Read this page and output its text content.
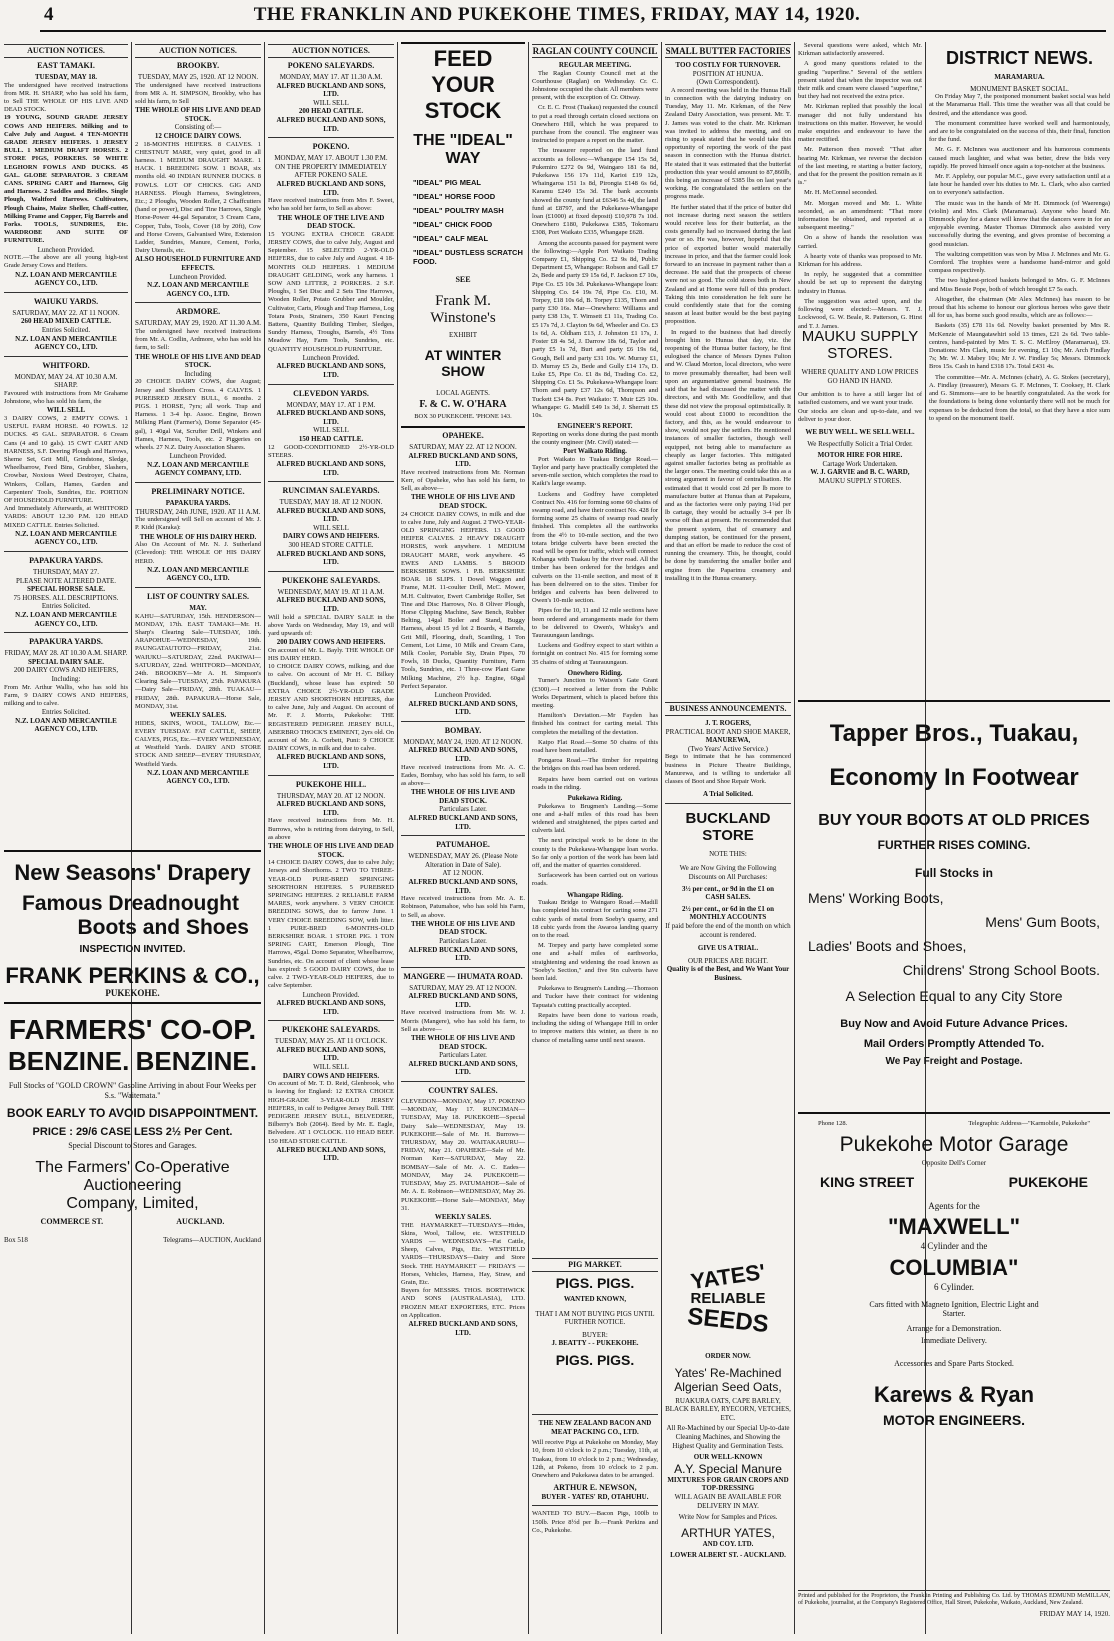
4	THE FRANKLIN AND PUKEKOHE TIMES, FRIDAY, MAY 14, 1920.
AUCTION NOTICES.
EAST TAMAKI.
TUESDAY, MAY 18.
The undersigned have received instructions from MR. H. SHARP, who has sold his farm, to Sell THE WHOLE OF HIS LIVE AND DEAD STOCK.
19 YOUNG, SOUND GRADE JERSEY COWS AND HEIFERS. Milking and to Calve July and August. 4 TEN-MONTH GRADE JERSEY HEIFERS. 1 JERSEY BULL. 1 MEDIUM DRAFT HORSES. 2 STORE PIGS, PORKERS. 50 WHITE LEGHORN FOWLS AND DUCKS. 45 GAL. GLOBE SEPARATOR. 3 CREAM CANS. SPRING CART and Harness, Gig and Harness. 2 Saddles and Bridles. Single Plough, Waltford Harrows. Cultivators, Plough Chains, Maize Sheller, Chaff-cutter, Milking Frame and Copper, Fig Barrels and Forks. TOOLS, SUNDRIES, Etc. WARDROBE AND SUITE OF FURNITURE.
Luncheon Provided.
NOTE.—The above are all young high-test Grade Jersey Cows and Heifers.
N.Z. LOAN AND MERCANTILE AGENCY CO., LTD.
WAIUKU YARDS.
SATURDAY, MAY 22. AT 11 NOON.
260 HEAD MIXED CATTLE.
Entries Solicited.
N.Z. LOAN AND MERCANTILE AGENCY CO., LTD.
WHITFORD.
MONDAY, MAY 24. AT 10.30 A.M. SHARP.
Favoured with instructions from Mr Grahame Johnstone, who has sold his farm, the
WILL SELL
3 DAIRY COWS, 2 EMPTY COWS. 1 USEFUL FARM HORSE. 40 FOWLS. 12 DUCKS. 45 GAL. SEPARATOR. 6 Cream Cans (4 and 10 gals). 15 CWT CART AND HARNESS, S.F. Deering Plough and Harrows, Sherne Set, Grit Mill, Grindstone, Sledge, Wheelbarrow, Feed Bins, Grubber, Slashers, Crowbar, Noxious Weed Destroyer, Chains, Winkers, Collars, Hames, Garden and Carpenters' Tools, Sundries, Etc. PORTION OF HOUSEHOLD FURNITURE.
And Immediately Afterwards, at WHITFORD YARDS: ABOUT 12.30 P.M. 120 HEAD MIXED CATTLE. Entries Solicited.
N.Z. LOAN AND MERCANTILE AGENCY CO., LTD.
PAPAKURA YARDS.
THURSDAY, MAY 27.
PLEASE NOTE ALTERED DATE.
SPECIAL HORSE SALE.
75 HORSES. ALL DESCRIPTIONS.
Entries Solicited.
N.Z. LOAN AND MERCANTILE AGENCY CO., LTD.
PAPAKURA YARDS.
FRIDAY, MAY 28. AT 10.30 A.M. SHARP.
SPECIAL DAIRY SALE.
200 DAIRY COWS AND HEIFERS, Including:
From Mr. Arthur Wallis, who has sold his Farm, 9 DAIRY COWS AND HEIFERS, milking and to calve.
Entries Solicited.
N.Z. LOAN AND MERCANTILE AGENCY CO., LTD.
AUCTION NOTICES.
BROOKBY.
TUESDAY, MAY 25, 1920. AT 12 NOON.
The undersigned have received instructions from MR A. H. SIMPSON, Brookby, who has sold his farm, to Sell
THE WHOLE OF HIS LIVE AND DEAD STOCK.
Consisting of:—
12 CHOICE DAIRY COWS.
2 18-MONTHS HEIFERS. 8 CALVES. 1 CHESTNUT MARE, very quiet, good in all harness. 1 MEDIUM DRAUGHT MARE. 1 HACK. 1 BREEDING SOW. 1 BOAR, six months old. 40 INDIAN RUNNER DUCKS. 8 FOWLS. LOT OF CHICKS. GIG AND HARNESS. Plough Harness, Swingletrees, Etc.; 2 Ploughs, Wooden Roller, 2 Chaffcutters (hand or power), Disc and Tine Harrows, Single Horse-Power 44-gal Separator, 3 Cream Cans, Copper, Tubs, Tools, Cover (18 by 20ft), Cow and Horse Covers, Galvanised Wire, Extension Ladder, Sundries, Manure, Cement, Forks, Dairy Utensils, etc.
ALSO HOUSEHOLD FURNITURE AND EFFECTS.
Luncheon Provided.
N.Z. LOAN AND MERCANTILE AGENCY CO., LTD.
ARDMORE.
SATURDAY, MAY 29, 1920. AT 11.30 A.M.
The undersigned have received instructions from Mr. A. Codlin, Ardmore, who has sold his farm, to Sell:
THE WHOLE OF HIS LIVE AND DEAD STOCK.
Including
20 CHOICE DAIRY COWS, due August; Jersey and Shorthorn Cross. 4 CALVES. 1 PUREBRED JERSEY BULL, 6 months. 2 PIGS. 1 HORSE, 7yrs; all work. Trap and Harness. 1 3-4 hp. Assoc. Engine, Brown Milking Plant (Farmer's), Dome Separator (45-gal), 1 40gal Vat, Scrufter Drill, Winkers and Hames, Harness, Tools, etc. 2 Piggeries on wheels. 27 N.Z. Dairy Association Shares.
Luncheon Provided.
N.Z. LOAN AND MERCANTILE AGENCY COMPANY, LTD.
PRELIMINARY NOTICE.
PAPAKURA YARDS.
THURSDAY, 24th JUNE, 1920. AT 11 A.M.
The undersigned will Sell on account of Mr. J. P. Kidd (Karaka):
THE WHOLE OF HIS DAIRY HERD.
Also On Account of Mr. N. J. Sutherland (Clevedon): THE WHOLE OF HIS DAIRY HERD.
N.Z. LOAN AND MERCANTILE AGENCY CO., LTD.
LIST OF COUNTRY SALES.
MAY.
KAHU—SATURDAY, 15th. HENDERSON—MONDAY, 17th. EAST TAMAKI—Mr. H. Sharp's Clearing Sale—TUESDAY, 18th. ARAPOHUE—WEDNESDAY, 19th. PAUNGATAUTOTO—FRIDAY, 21st. WAIUKU—SATURDAY, 22nd. PAKIWAI—SATURDAY, 22nd. WHITFORD—MONDAY, 24th. BROOKBY—Mr A. H. Simpson's Clearing Sale—TUESDAY, 25th. PAPAKURA—Dairy Sale—FRIDAY, 28th. TUAKAU—FRIDAY, 28th. PAPAKURA—Horse Sale, MONDAY, 31st.
WEEKLY SALES.
HIDES, SKINS, WOOL, TALLOW, Etc.—EVERY TUESDAY. FAT CATTLE, SHEEP, CALVES, PIGS, Etc.—EVERY WEDNESDAY, at Westfield Yards. DAIRY AND STORE STOCK AND SHEEP—EVERY THURSDAY, Westfield Yards.
N.Z. LOAN AND MERCANTILE AGENCY CO., LTD.
New Seasons' Drapery
Famous Dreadnought
Boots and Shoes
INSPECTION INVITED.
FRANK PERKINS & CO.,
PUKEKOHE.
FARMERS' CO-OP.
BENZINE. BENZINE.
Full Stocks of "GOLD CROWN" Gasoline Arriving in about Four Weeks per S.s. "Waitemata."
BOOK EARLY TO AVOID DISAPPOINTMENT.
PRICE : 29/6 CASE LESS 2½ Per Cent.
Special Discount to Stores and Garages.
The Farmers' Co-Operative Auctioneering
Company, Limited,
COMMERCE ST.	AUCKLAND.
Box 518	Telegrams—AUCTION, Auckland
AUCTION NOTICES.
POKENO SALEYARDS.
MONDAY, MAY 17. AT 11.30 A.M.
ALFRED BUCKLAND AND SONS, LTD.
WILL SELL
200 HEAD CATTLE.
ALFRED BUCKLAND AND SONS, LTD.
POKENO.
MONDAY, MAY 17. ABOUT 1.30 P.M.
ON THE PROPERTY IMMEDIATELY AFTER POKENO SALE.
ALFRED BUCKLAND AND SONS, LTD.
Have received instructions from Mrs F. Sweet, who has sold her farm, to Sell as above:
THE WHOLE OF THE LIVE AND DEAD STOCK.
15 YOUNG EXTRA CHOICE GRADE JERSEY COWS, due to calve July, August and September. 15 SELECTED 2-YR-OLD HEIFERS, due to calve July and August. 4 18-MONTHS OLD HEIFERS. 1 MEDIUM DRAUGHT GELDING, work any harness. 1 SOW AND LITTER, 2 PORKERS. 2 S.F. Ploughs, 1 Set Disc and 2 Sets Tine Harrows, Wooden Roller, Potato Grubber and Moulder, Cultivator, Carts, Plough and Trap Harness, Log Totara Posts, Strainers, 350 Kauri Fencing Battens, Quantity Building Timber, Sledges, Sundry Harness, Troughs, Barrels, 4½ Tons Meadow Hay, Farm Tools, Sundries, etc. QUANTITY HOUSEHOLD FURNITURE.
Luncheon Provided.
ALFRED BUCKLAND AND SONS, LTD.
CLEVEDON YARDS.
MONDAY, MAY 17. AT 1 P.M.
ALFRED BUCKLAND AND SONS, LTD.
WILL SELL
150 HEAD CATTLE.
12 GOOD-CONDITIONED 2½-YR-OLD STEERS.
ALFRED BUCKLAND AND SONS, LTD.
RUNCIMAN SALEYARDS.
TUESDAY, MAY 18. AT 12 NOON.
ALFRED BUCKLAND AND SONS, LTD.
WILL SELL
DAIRY COWS AND HEIFERS.
300 HEAD STORE CATTLE.
ALFRED BUCKLAND AND SONS, LTD.
PUKEKOHE SALEYARDS.
WEDNESDAY, MAY 19. AT 11 A.M.
ALFRED BUCKLAND AND SONS, LTD.
Will hold a SPECIAL DAIRY SALE in the above Yards on Wednesday, May 19, and will yard upwards of:
200 DAIRY COWS AND HEIFERS.
On account of Mr. L. Bayly. THE WHOLE OF HIS DAIRY HERD.
10 CHOICE DAIRY COWS, milking, and due to calve. On account of Mr H. C. Bilkey (Buckland), whose lease has expired: 50 EXTRA CHOICE 2½-YR-OLD GRADE JERSEY AND SHORTHORN HEIFERS, due to calve June, July and August. On account of Mr. F. J. Morris, Pukekohe: THE REGISTERED PEDIGREE JERSEY BULL, ABERBRO THOCK'S EMINENT, 2yrs old. On account of Mr. A. Corbett, Puni: 9 CHOICE DAIRY COWS, in milk and due to calve.
ALFRED BUCKLAND AND SONS, LTD.
PUKEKOHE HILL.
THURSDAY, MAY 20. AT 12 NOON.
ALFRED BUCKLAND AND SONS, LTD.
Have received instructions from Mr. H. Burrows, who is retiring from dairying, to Sell, as above
THE WHOLE OF HIS LIVE AND DEAD STOCK.
14 CHOICE DAIRY COWS, due to calve July; Jerseys and Shorthorns. 2 TWO TO THREE-YEAR-OLD PURE-BRED SPRINGING SHORTHORN HEIFERS. 5 PUREBRED SPRINGING HEIFERS. 2 RELIABLE FARM MARES, work anywhere. 3 VERY CHOICE BREEDING SOWS, due to farrow June. 1 VERY CHOICE BREEDING SOW, with litter. 1 PURE-BRED 6-MONTHS-OLD BERKSHIRE BOAR. 1 STORE PIG. 1 TON SPRING CART, Emerson Plough, Tine Harrows, 45gal. Domo Separator, Wheelbarrow, Sundries, etc. On account of client whose lease has expired: 5 GOOD DAIRY COWS, due to calve. 2 TWO-YEAR-OLD HEIFERS, due to calve September.
Luncheon Provided.
ALFRED BUCKLAND AND SONS, LTD.
PUKEKOHE SALEYARDS.
TUESDAY, MAY 25. AT 11 O'CLOCK.
ALFRED BUCKLAND AND SONS, LTD.
WILL SELL
DAIRY COWS AND HEIFERS.
On account of Mr. T. D. Reid, Glenbrook, who is leaving for England: 12 EXTRA CHOICE HIGH-GRADE 3-YEAR-OLD JERSEY HEIFERS, in calf to Pedigree Jersey Bull. THE PEDIGREE JERSEY BULL, BELVEDERE, Bilberry's Bob (2064). Bred by Mr. E. Eagle, Belvedere. AT 1 O'CLOCK. 110 HEAD BEEF. 150 HEAD STORE CATTLE.
ALFRED BUCKLAND AND SONS, LTD.
FEED YOUR
STOCK
THE "IDEAL" WAY
"IDEAL" PIG MEAL
"IDEAL" HORSE FOOD
"IDEAL" POULTRY MASH
"IDEAL" CHICK FOOD
"IDEAL" CALF MEAL
"IDEAL" DUSTLESS SCRATCH FOOD.
SEE
Frank M. Winstone's
EXHIBIT
AT WINTER SHOW
LOCAL AGENTS.
F. & C. W. O'HARA
BOX 30 PUKEKOHE. 'PHONE 143.
OPAHEKE.
SATURDAY, MAY 22. AT 12 NOON.
ALFRED BUCKLAND AND SONS, LTD.
Have received instructions from Mr. Norman Kerr, of Opaheke, who has sold his farm, to Sell, as above—
THE WHOLE OF HIS LIVE AND DEAD STOCK.
24 CHOICE DAIRY COWS, in milk and due to calve June, July and August. 2 TWO-YEAR-OLD SPRINGING HEIFERS. 13 GOOD HEIFER CALVES. 2 HEAVY DRAUGHT HORSES, work anywhere. 1 MEDIUM DRAUGHT MARE, work anywhere. 45 EWES AND LAMBS. 5 BROOD BERKSHIRE SOWS. 1 P.B. BERKSHIRE BOAR. 18 SLIPS. 1 Dowel Waggon and Frame, M.H. 11-coulter Drill, McC. Mower, M.H. Cultivator, Ewert Cambridge Roller, Set Tine and Disc Harrows, No. 8 Oliver Plough, Horse Clipping Machine, Saw Bench, Rubber Belting, 14gal Boiler and Stand, Buggy Harness, about 15 yd lot 2 Boards, 4 Barrels, Grit Mill, Flooring, draft, Scantling, 1 Ton Cement, Lot Lime, 10 Milk and Cream Cans, Milk Cooler, Portable Sty, Drain Pipes, 70 Fowls, 18 Ducks, Quantity Furniture, Farm Tools, Sundries, etc. 1 Three-cow Plant Gane Milking Machine, 2½ h.p. Engine, 60gal Perfect Separator.
Luncheon Provided.
ALFRED BUCKLAND AND SONS, LTD.
BOMBAY.
MONDAY, MAY 24, 1920. AT 12 NOON.
ALFRED BUCKLAND AND SONS, LTD.
Have received instructions from Mr. A. C. Eades, Bombay, who has sold his farm, to sell as above—
THE WHOLE OF HIS LIVE AND DEAD STOCK.
Particulars Later.
ALFRED BUCKLAND AND SONS, LTD.
PATUMAHOE.
WEDNESDAY, MAY 26. (Please Note Alteration in Date of Sale).
AT 12 NOON.
ALFRED BUCKLAND AND SONS, LTD.
Have received instructions from Mr. A. E. Robinson, Patumahoe, who has sold his Farm, to Sell, as above.
THE WHOLE OF HIS LIVE AND DEAD STOCK.
Particulars Later.
ALFRED BUCKLAND AND SONS, LTD.
MANGERE — IHUMATA ROAD.
SATURDAY, MAY 29. AT 12 NOON.
ALFRED BUCKLAND AND SONS, LTD.
Have received instructions from Mr. W. J. Morris (Mangere), who has sold his farm, to Sell as above—
THE WHOLE OF HIS LIVE AND DEAD STOCK.
Particulars Later.
ALFRED BUCKLAND AND SONS, LTD.
COUNTRY SALES.
CLEVEDON—MONDAY, May 17. POKENO—MONDAY, May 17. RUNCIMAN—TUESDAY, May 18. PUKEKOHE—Special Dairy Sale—WEDNESDAY, May 19. PUKEKOHE—Sale of Mr. H. Burrows—THURSDAY, May 20. WAITAKARURU—FRIDAY, May 21. OPAHEKE—Sale of Mr. Norman Kerr—SATURDAY, May 22. BOMBAY—Sale of Mr. A. C. Eades—MONDAY, May 24. PUKEKOHE—TUESDAY, May 25. PATUMAHOE—Sale of Mr. A. E. Robinson—WEDNESDAY, May 26. PUKEKOHE—Horse Sale—MONDAY, May 31.
WEEKLY SALES.
THE HAYMARKET—TUESDAYS—Hides, Skins, Wool, Tallow, etc. WESTFIELD YARDS — WEDNESDAYS—Fat Cattle, Sheep, Calves, Pigs, Etc. WESTFIELD YARDS—THURSDAYS—Dairy and Store Stock. THE HAYMARKET — FRIDAYS — Horses, Vehicles, Harness, Hay, Straw, and Grain, Etc.
Buyers for MESSRS. THOS. BORTHWICK AND SONS (AUSTRALASIA), LTD. FROZEN MEAT EXPORTERS, ETC. Prices on Application.
ALFRED BUCKLAND AND SONS, LTD.
RAGLAN COUNTY COUNCIL
REGULAR MEETING.

The Raglan County Council met at the Courthouse (Raglan) on Wednesday. Cr. C. Johnstone occupied the chair. All members were present, with the exception of Cr. Ottway.

Cr. E. C. Frost (Tuakau) requested the council to put a road through certain closed sections on Onewhero Hill, which he was prepared to purchase from the council. The engineer was instructed to prepare a report on the matter.

The treasurer reported on the land fund accounts as follows:—Whangape 154 15s 5d, Pukemiro £272 0s 9d, Waingaro 181 6s 8d, Pukekawa 156 17s 11d, Karioi £19 12s, Whaingaroa 151 1s 8d, Pirongia £148 6s 6d, Karamu £249 15s 3d. The bank accounts showed the county fund at £6346 5s 4d, the land fund at £8797, and the Pukekawa-Whangape loan (£1000) at fixed deposit) £10,978 7s 10d. Onewhero £180, Pukekawa £385, Tokomaru £308, Port Waikato £335, Whangape £628.

Among the accounts passed for payment were the following:—Apple Port Waikato Trading Company £1, Shipping Co. £2 9s 8d, Public Department £5, Whangape: Robson and Gall £7 2s, Bede and party £9 15s 6d, F. Jackson £7 10s, Pipe Co. £5 10s 3d. Pukekawa-Whangape loan: Shipping Co. £4 19s 7d, Pipe Co. £10, M. Torpey, £18 10s 6d, B. Torpey £135, Thorn and party £30 16s. Mar—Onewhero: Williams and party £38 13s, T. Wimsett £1 11s, Trading Co. £5 17s 7d, J. Clayton 9s 6d, Wheeler and Co. £3 1s 6d, A. Oldham £13, J. Johnston £1 17s, J. Foster £8 4s 5d, J. Darrow 18s 6d, Taylor and party £5 1s 7d, Burt and party £6 19s 6d, Gough, Bell and party £31 10s. W. Murray £1, D. Murray £5 2s, Bede and Gully £14 17s, D. Luke £5, Pipe Co. £1 8s 8d, Trading Co. £2, Shipping Co. £1 5s. Pukekawa-Whangape loan: Thorn and party £37 12s 6d, Thompson and Tuckett £34 8s. Port Waikato: T. Muir £25 10s. Whangape: G. Madill £49 1s 3d, J. Sherratt £5 10s.

ENGINEER'S REPORT.
Reporting on works done during the past month the county engineer (Mr. Civil) stated:—
Port Waikato Riding.

Port Waikato to Tuakau Bridge Road.—Taylor and party have practically completed the seven-mile section, which completes the road to Kaiki's large swamp.

Luckens and Godfrey have completed Contract No. 416 for forming some 60 chains of swamp road, and have their contract No. 428 for forming some 25 chains of swamp road nearly finished. This completes all the earthworks from the 4½ to 10-mile section, and the two totara bridge culverts have been erected the road will be open for traffic, which will connect Kohanga with Tuakau by the river road. All the timber has been ordered for the bridges and culverts on the 11-mile section, and most of it has been delivered on to the sites. Timber for bridges and culverts has been delivered to Owen's 10-mile section.

Pipes for the 10, 11 and 12 mile sections have been ordered and arrangements made for them to be delivered to Owen's, Whisky's and Taurauungaun landings.

Luckens and Godfrey expect to start within a fortnight on contract No. 415 for forming some 35 chains of siding at Taurauungaun.

Onewhero Riding.

Turner's Junction to Watson's Gate Grant (£300).—I received a letter from the Public Works Department, which is placed before this meeting.

Hamilton's Deviation.—Mr Fayden has finished his contract for carting metal. This completes the metalling of the deviation.

Kaipo Flat Road.—Some 50 chains of this road have been metalled.

Pongaroa Road.—The timber for repairing the bridges on this road has been ordered.

Repairs have been carried out on various roads in the riding.

Pukekawa Riding.

Pukekawa to Brugmen's Landing.—Some one and a-half miles of this road has been widened and straightened, the pipes carted and culverts laid.

The next principal work to be done in the county is the Pukekawa-Whangape loan works. So far only a portion of the work has been laid off, and the matter of quarries considered.

Surfacework has been carried out on various roads.

Whangape Riding.

Tuakau Bridge to Waingaro Road.—Madill has completed his contract for carting some 271 cubic yards of metal from Soeby's quarry, and 18 cubic yards from the Awaroa landing quarry on to the road.

M. Torpey and party have completed some one and a-half miles of earthworks, straightening and widening the road known as "Soeby's Section," and five 9in culverts have been laid.

Pukekawa to Brugmen's Landing.—Thomson and Tucker have their contract for widening Tapuata's cutting practically accepted.

Repairs have been done to various roads, including the siding of Whangape Hill in order to improve matters this winter, as there is no chance of metalling same until next season.

PIG MARKET.
PIGS. PIGS.
WANTED KNOWN,
THAT I AM NOT BUYING PIGS UNTIL FURTHER NOTICE.
BUYER:
J. BEATTY - - PUKEKOHE.
PIGS. PIGS.
THE NEW ZEALAND BACON AND MEAT PACKING CO., LTD.
Will receive Pigs at Pukekohe on Monday, May 10, from 10 o'clock to 2 p.m.; Tuesday, 11th, at Tuakau, from 10 o'clock to 2 p.m.; Wednesday, 12th, at Pokeno, from 10 o'clock to 2 p.m. Onewhero and Pukekawa dates to be arranged.
ARTHUR E. NEWSON,
BUYER - YATES' RD, OTAHUHU.
WANTED TO BUY.—Bacon Pigs, 100lb to 150lb. Price 8½d per lb.—Frank Perkins and Co., Pukekohe.
SMALL BUTTER FACTORIES
TOO COSTLY FOR TURNOVER.
POSITION AT HUNUA.
(Own Correspondent).

A record meeting was held in the Hunua Hall in connection with the dairying industry on Tuesday, May 11. Mr. Kirkman, of the New Zealand Dairy Association, was present. Mr. T. J. James was voted to the chair. Mr. Kirkman was invited to address the meeting, and on rising to speak stated that he would take this opportunity of reporting the work of the past season in connection with the Hunua district. He stated that it was estimated that the butterfat production this year would amount to 87,860lb, this being an increase of 5385 lbs on last year's working. He congratulated the settlers on the progress made.

He further stated that if the price of butter did not increase during next season the settlers would receive less for their butterfat, as the costs generally had so increased during the last year or so. He was, however, hopeful that the price of exported butter would materially increase in price, and that the farmer could look forward to an increase in payment rather than a decrease. He said that the prospects of cheese were not so good. The cold stores both in New Zealand and at Home were full of this product. Taking this into consideration he felt sure he could confidently state that for the coming season at least butter would be the best paying proposition.

In regard to the business that had directly brought him to Hunua that day, viz. the reopening of the Hunua butter factory, he first eulogised the chance of Messrs Dynes Fulton and W. Claud Morton, local directors, who were to move presumably thereafter, had been well upon an argumentative general business. He said that he had discussed the matter with the directors, and with Mr. Goodfellow, and that these did not view the proposal optimistically. It would cost about £1000 to recondition the factory, and this, as he would endeavour to show, would not pay the settlers. He mentioned instances of smaller factories, though well equipped, not being able to manufacture as cheaply as larger factories. This mitigated against smaller factories being as profitable as the larger ones. The meeting could take this as a strong argument in favour of centralisation. He estimated that it would cost 2d per lb more to manufacture butter at Hunua than at Papakura, and as the factories were only paying 1¼d per lb cartage, they would be actually 3-4 per lb worse off than at present. He recommended that the present system, that of creamery and dumping station, be continued for the present, and that an effort be made to reduce the cost of running the creamery. This, he thought, could be done by transferring the smaller boiler and engine from the Paparimu creamery and installing it in the Hunua creamery.

Several questions were asked, which Mr. Kirkman satisfactorily answered.

A good many questions related to the grading "superfine." Several of the settlers present stated that when the inspector was out their milk and cream were classed "superfine," but they had not received the extra price.

Mr. Kirkman replied that possibly the local manager did not fully understand his instructions on this matter. However, he would make enquiries and endeavour to have the matter rectified.

Mr. Patterson then moved: "That after hearing Mr. Kirkman, we reverse the decision of the last meeting, re starting a butter factory, and that for the present the position remain as it is."

Mr. H. McConnel seconded.

Mr. Morgan moved and Mr. L. White seconded, as an amendment: "That more information be obtained, and reported at a subsequent meeting."

On a show of hands the resolution was carried.

A hearty vote of thanks was proposed to Mr. Kirkman for his address.

In reply, he suggested that a committee should be set up to represent the dairying industry in Hunua.

The suggestion was acted upon, and the following were elected:—Messrs. T. J. Lockwood, G. W. Beale, R. Patterson, G. Hirst and T. J. James.

DISTRICT NEWS.
MARAMARUA.
MONUMENT BASKET SOCIAL.

On Friday May 7, the postponed monument basket social was held at the Maramarua Hall. This time the weather was all that could be desired, and the attendance was good.

The monument committee have worked well and harmoniously, and are to be congratulated on the success of this, their final, function for the fund.

Mr. G. F. McInnes was auctioneer and his humorous comments caused much laughter, and what was better, drew the bids very rapidly. He proved himself once again a top-notcher at the business.

Mr. F. Appleby, our popular M.C., gave every satisfaction until at a late hour he handed over his duties to Mr. L. Clark, who also carried on to everyone's satisfaction.

The music was in the hands of Mr H. Dimmock (of Waerenga) (violin) and Mrs. Clark (Maramarua). Anyone who heard Mr. Dimmock play for a dance will know that the dancers were in for an enjoyable evening. Master Thomas Dimmock also assisted very successfully during the evening, and gives promise of becoming a good musician.

The waltzing competition was won by Miss J. McInnes and Mr. G. Cornford. The trophies were a handsome hand-mirror and gold compass respectively.

The two highest-priced baskets belonged to Mrs. G. F. McInnes and Miss Bessie Pope, both of which brought £7 5s each.

Altogether, the chairman (Mr Alex McInnes) has reason to be proud that his scheme to honour our glorious heroes who gave their all for us, has borne such good results, which are as follows:—

Baskets (35) £78 11s 6d. Novelty basket presented by Mrs R. McKenzie of Maungatawhiri sold 13 times, £21 2s 6d. Two table-centres, hand-painted by Mrs T. S. C. McElroy (Maramarua), £9. Donations: Mrs Clark, music for evening, £1 10s; Mr. Arch Findlay 7s; Mr. W. J. Mabey 10s; Mr J. W. Findlay 5s; Messrs. Dimmock Bros 15s. Cash in hand £318 17s. Total £431 4s.

The committee—Mr. A. McInnes (chair), A. G. Stokes (secretary), A. Findlay (treasurer), Messrs G. F. McInnes, T. Cooksey, H. Clark and G. Simmons—are to be heartily congratulated. As the work for the foundations is being done voluntarily there will not be much for expenses to be deducted from the total, so that they have a nice sum to spend on the monument itself.

MAUKU SUPPLY
STORES.
WHERE QUALITY AND LOW PRICES GO HAND IN HAND.
Our ambition is to have a still larger list of satisfied customers, and we want your trade.
Our stocks are clean and up-to-date, and we deliver to your door.
WE BUY WELL. WE SELL WELL.
We Respectfully Solicit a Trial Order.
MOTOR HIRE FOR HIRE.
Cartage Work Undertaken.
W. J. GARVIE and B. C. WARD,
MAUKU SUPPLY STORES.
BUSINESS ANNOUNCEMENTS.
J. T. ROGERS,
PRACTICAL BOOT AND SHOE MAKER,
MANUREWA,
(Two Years' Active Service.)
Begs to intimate that he has commenced business in Picture Theatre Buildings, Manurewa, and is willing to undertake all classes of Boot and Shoe Repair Work.
A Trial Solicited.
BUCKLAND STORE
NOTE THIS:
We are Now Giving the Following Discounts on All Purchases:
3½ per cent., or 9d in the £1 on
CASH SALES.
2½ per cent., or 6d in the £1 on
MONTHLY ACCOUNTS
If paid before the end of the month on which account is rendered.
GIVE US A TRIAL.
OUR PRICES ARE RIGHT.
Quality is of the Best, and We Want Your Business.
YATES'
RELIABLE
SEEDS
ORDER NOW.
Yates' Re-Machined
Algerian Seed Oats,
RUAKURA OATS, CAPE BARLEY, BLACK BARLEY, RYECORN, VETCHES, ETC.
All Re-Machined by our Special Up-to-date Cleaning Machines, and Showing the Highest Quality and Germination Tests.
OUR WELL-KNOWN
A.Y. Special Manure
MIXTURES FOR GRAIN CROPS AND TOP-DRESSING
WILL AGAIN BE AVAILABLE FOR DELIVERY IN MAY.
Write Now for Samples and Prices.
ARTHUR YATES,
AND COY. LTD.
LOWER ALBERT ST. - AUCKLAND.
Tapper Bros., Tuakau,
Economy In Footwear
BUY YOUR BOOTS AT OLD PRICES
FURTHER RISES COMING.
Full Stocks in
Mens' Working Boots,
Mens' Gum Boots,
Ladies' Boots and Shoes,
Childrens' Strong School Boots.
A Selection Equal to any City Store
Buy Now and Avoid Future Advance Prices.
Mail Orders Promptly Attended To.
We Pay Freight and Postage.
Phone 128.	Telegraphic Address—"Karmobile, Pukekohe"
Pukekohe Motor Garage
Opposite Dell's Corner
KING STREET	PUKEKOHE
Agents for the
"MAXWELL"
4 Cylinder and the
COLUMBIA"
6 Cylinder.
Cars fitted with Magneto Ignition, Electric Light and Starter.
Arrange for a Demonstration.
Immediate Delivery.
Accessories and Spare Parts Stocked.
Karews & Ryan
MOTOR ENGINEERS.
Printed and published for the Proprietors, the Franklin Printing and Publishing Co. Ltd. by THOMAS EDMUND McMILLAN, of Pukekohe, journalist, at the Company's Registered Office, Hall Street, Pukekohe, Waikato, Auckland, New Zealand.
FRIDAY MAY 14, 1920.
